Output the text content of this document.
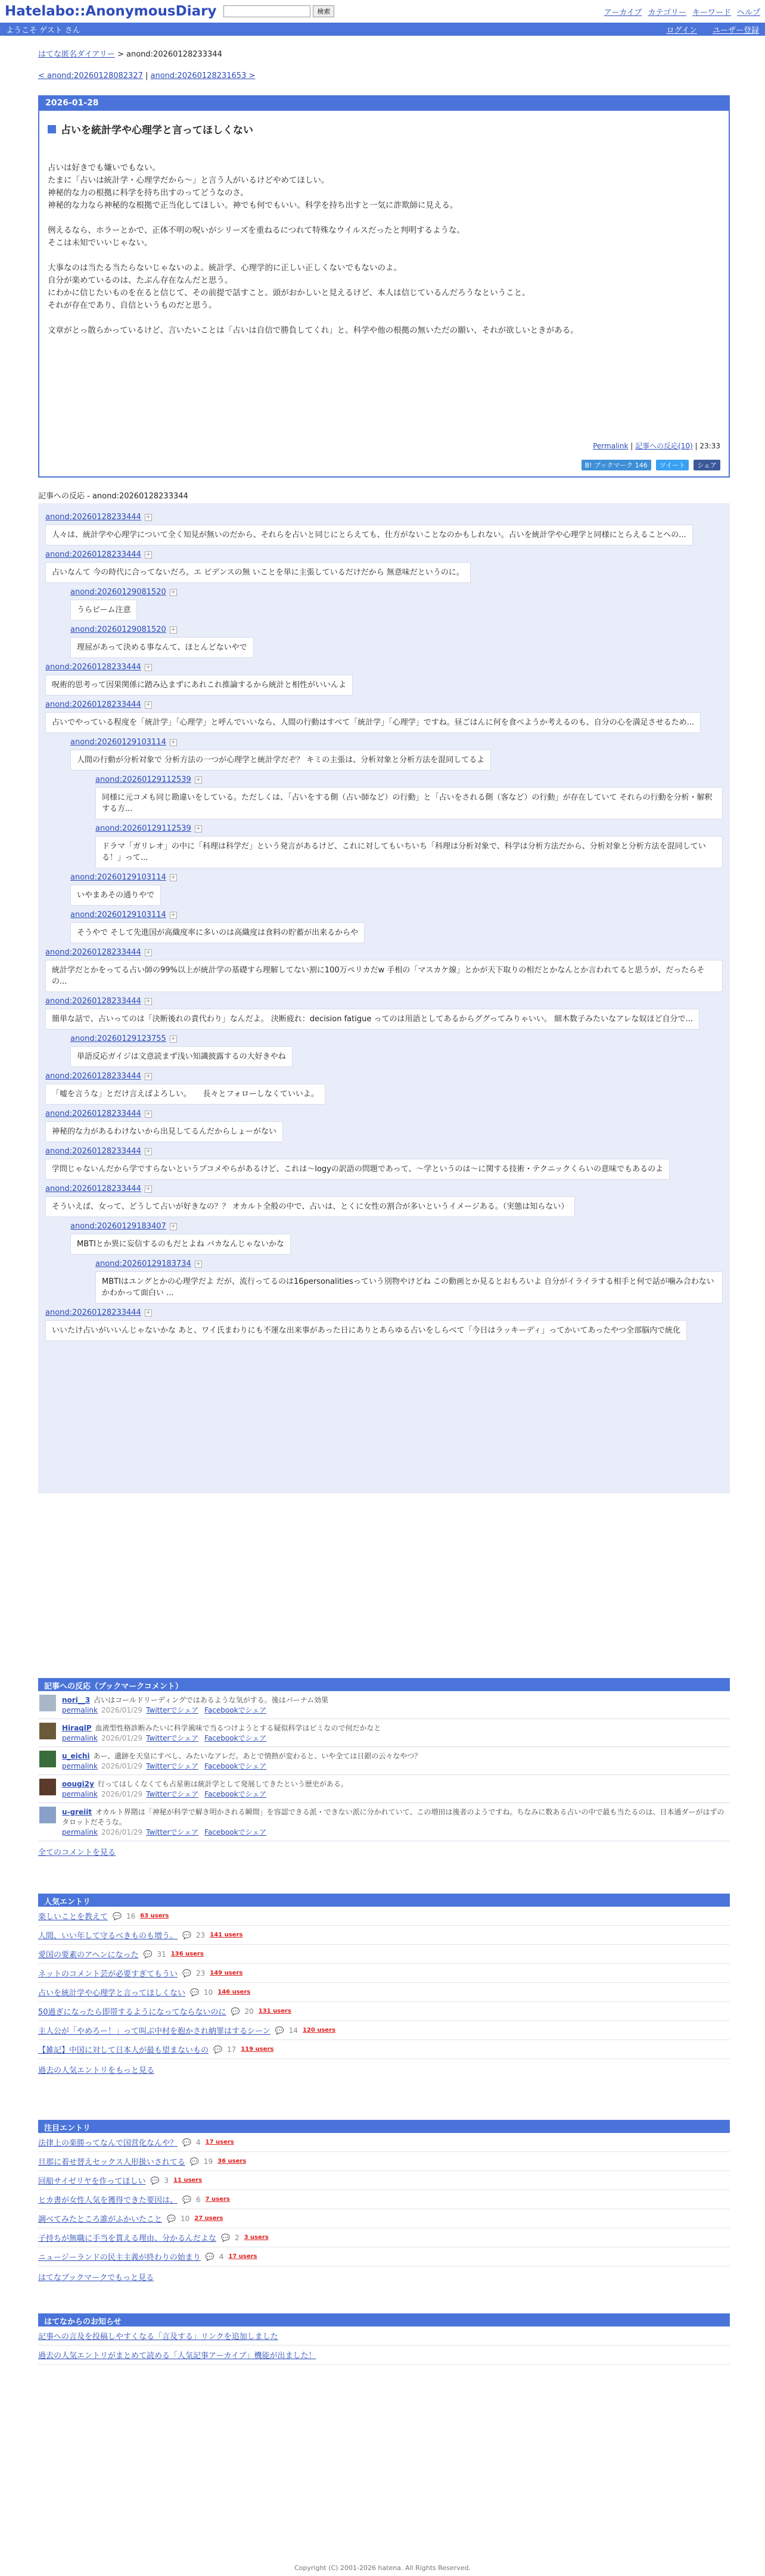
Hatelabo::AnonymousDiary	検索	アーカイブ カテゴリー キーワード ヘルプ
ようこそ ゲスト さん	ログイン ユーザー登録
はてな匿名ダイアリー > anond:20260128233344
< anond:20260128082327 | anond:20260128231653 >
2026-01-28
占いを統計学や心理学と言ってほしくない

占いは好きでも嫌いでもない。

たまに「占いは統計学・心理学だから～」と言う人がいるけどやめてほしい。

神秘的な力の根拠に科学を持ち出すのってどうなのさ。

神秘的な力なら神秘的な根拠で正当化してほしい。神でも何でもいい。科学を持ち出すと一気に詐欺師に見える。

例えるなら、ホラーとかで、正体不明の呪いがシリーズを重ねるにつれて特殊なウイルスだったと判明するような。

そこは未知でいいじゃない。

大事なのは当たる当たらないじゃないのよ。統計学、心理学的に正しい正しくないでもないのよ。

自分が楽めているのは、たぶん存在なんだと思う。

にわかに信じたいものを在ると信じて、その前提で話すこと。頭がおかしいと見えるけど、本人は信じているんだろうなということ。

それが存在であり、自信というものだと思う。

文章がとっ散らかっているけど、言いたいことは「占いは自信で勝負してくれ」と。科学や他の根拠の無いただの願い、それが欲しいときがある。

Permalink | 記事への反応(10) | 23:33
B! ブックマーク 146	ツイート	シェア
記事への反応 - anond:20260128233344
anond:20260128233444 +
人々は、統計学や心理学について全く知見が無いのだから、それらを占いと同じにとらえても、仕方がないことなのかもしれない。占いを統計学や心理学と同様にとらえることへの...
anond:20260128233444 +
占いなんて 今の時代に合ってないだろ。エ ビデンスの無 いことを単に主張しているだけだから 無意味だというのに。
anond:20260129081520 +
うらビーム注意
anond:20260129081520 +
理屈があって決める事なんて、ほとんどないやで
anond:20260128233444 +
呪術的思考って因果関係に踏み込まずにあれこれ推論するから統計と相性がいいんよ
anond:20260128233444 +
占いでやっている程度を「統計学」「心理学」と呼んでいいなら、人間の行動はすべて「統計学」「心理学」ですね。昼ごはんに何を食べようか考えるのも、自分の心を満足させるため...
anond:20260129103114 +
人間の行動が分析対象で 分析方法の一つが心理学と統計学だぞ？ キミの主張は、分析対象と分析方法を混同してるよ
anond:20260129112539 +
同様に元コメも同じ勘違いをしている。ただしくは、「占いをする側（占い師など）の行動」と「占いをされる側（客など）の行動」が存在していて それらの行動を分析・解釈する方...
anond:20260129112539 +
ドラマ「ガリレオ」の中に「科理は科学だ」という発言があるけど、これに対してもいちいち「科理は分析対象で、科学は分析方法だから、分析対象と分析方法を混同している！」って...
anond:20260129103114 +
いやまあその通りやで
anond:20260129103114 +
そうやで そして先進国が高織度率に多いのは高織度は食料の貯蓄が出来るからや
anond:20260128233444 +
統計学だとかをってる占い師の99%以上が統計学の基礎すら理解してない割に100万ペリカだw 手相の「マスカケ線」とかが天下取りの相だとかなんとか言われてると思うが、だったらその...
anond:20260128233444 +
簡単な話で、占いってのは「決断後れの責代わり」なんだよ。 決断疲れ：decision fatigue ってのは用語としてあるからググってみりゃいい。 細木数子みたいなアレな奴ほど自分で...
anond:20260129123755 +
単語反応ガイジは文意読まず浅い知識披露するの大好きやね
anond:20260128233444 +
「嘘を言うな」とだけ言えばよろしい。　　長々とフォローしなくていいよ。
anond:20260128233444 +
神秘的な力があるわけないから出見してるんだからしょーがない
anond:20260128233444 +
学問じゃないんだから学ですらないというブコメやらがあるけど、これは〜logyの訳語の問題であって、〜学というのは〜に関する技術・テクニックくらいの意味でもあるのよ
anond:20260128233444 +
そういえば、女って、どうして占いが好きなの？？ オカルト全般の中で、占いは、とくに女性の割合が多いというイメージある。（実態は知らない）
anond:20260129183407 +
MBTIとか異に妄信するのもだとよね バカなんじゃないかな
anond:20260129183734 +
MBTIはユングとかの心理学だよ だが、流行ってるのは16personalitiesっていう別物やけどね この動画とか見るとおもろいよ 自分がイライラする相手と何で話が噛み合わないかわかって面白い ...
anond:20260128233444 +
いいたけ占いがいいんじゃないかな あと、ワイ氏まわりにも不運な出来事があった日にありとあらゆる占いをしらべて「今日はラッキーディ」ってかいてあったやつ全部脳内で統化
記事への反応（ブックマークコメント）
nori__3 占いはコールドリーディングではあるような気がする。後はバーナム効果
permalink 2026/01/29 Twitterでシェア Facebookでシェア
HiraqlP 血液型性格診断みたいに科学風味で当るつけようとする疑似科学はビミなので何だかなと
permalink 2026/01/29 Twitterでシェア Facebookでシェア
u_eichi あー、遺跡を天皇にすべし、みたいなアレだ。あとで情熱が変わると、いや全ては日銀の云々なやつ？
permalink 2026/01/29 Twitterでシェア Facebookでシェア
oougi2y 行ってはしくなくても占星術は統計学として発展してきたという歴史がある。
permalink 2026/01/29 Twitterでシェア Facebookでシェア
u-greiit オカルト界隈は「神秘が科学で解き明かされる瞬間」を容認できる派・できない派に分かれていて、この増田は後者のようですね。ちなみに数ある占いの中で最も当たるのは、日本通ダーがはずのタロットだそうな。
permalink 2026/01/29 Twitterでシェア Facebookでシェア
全てのコメントを見る
人気エントリ
楽しいことを教えて 💬 16 63 users
人間、いい年して守るべきものも増う。 💬 23 141 users
愛国の要素のアヘンになった 💬 31 136 users
ネットのコメント芸が必要すぎてもうい 💬 23 149 users
占いを統計学や心理学と言ってほしくない 💬 10 146 users
50過ぎになったら即帯するようになってならないのに 💬 20 131 users
主人公が「やめろー！」って叫ぶ中村を抱かされ納罪はするシーン 💬 14 120 users
【雑記】中国に対して日本人が最も望まないもの 💬 17 119 users
過去の人気エントリをもっと見る
注目エントリ
法律上の楽勝ってなんで国営化なんや？ 💬 4 17 users
旦那に着せ替えセックス人形扱いされてる 💬 19 36 users
回船サイゼリヤを作ってほしい 💬 3 11 users
ヒカ書が女性人気を獲得できた要因は、 💬 6 7 users
調べてみたところ誰がふかいたこと 💬 10 27 users
子持ちが無職に手当を貰える理由、分かるんだよな 💬 2 3 users
ニュージーランドの民主主義が終わりの始まり 💬 4 17 users
はてなブックマークでもっと見る
はてなからのお知らせ
記事への言及を投稿しやすくなる「言及する」リンクを追加しました
過去の人気エントリがまとめて読める「人気記事アーカイブ」機能が出ました！
Copyright (C) 2001-2026 hatena. All Rights Reserved.
